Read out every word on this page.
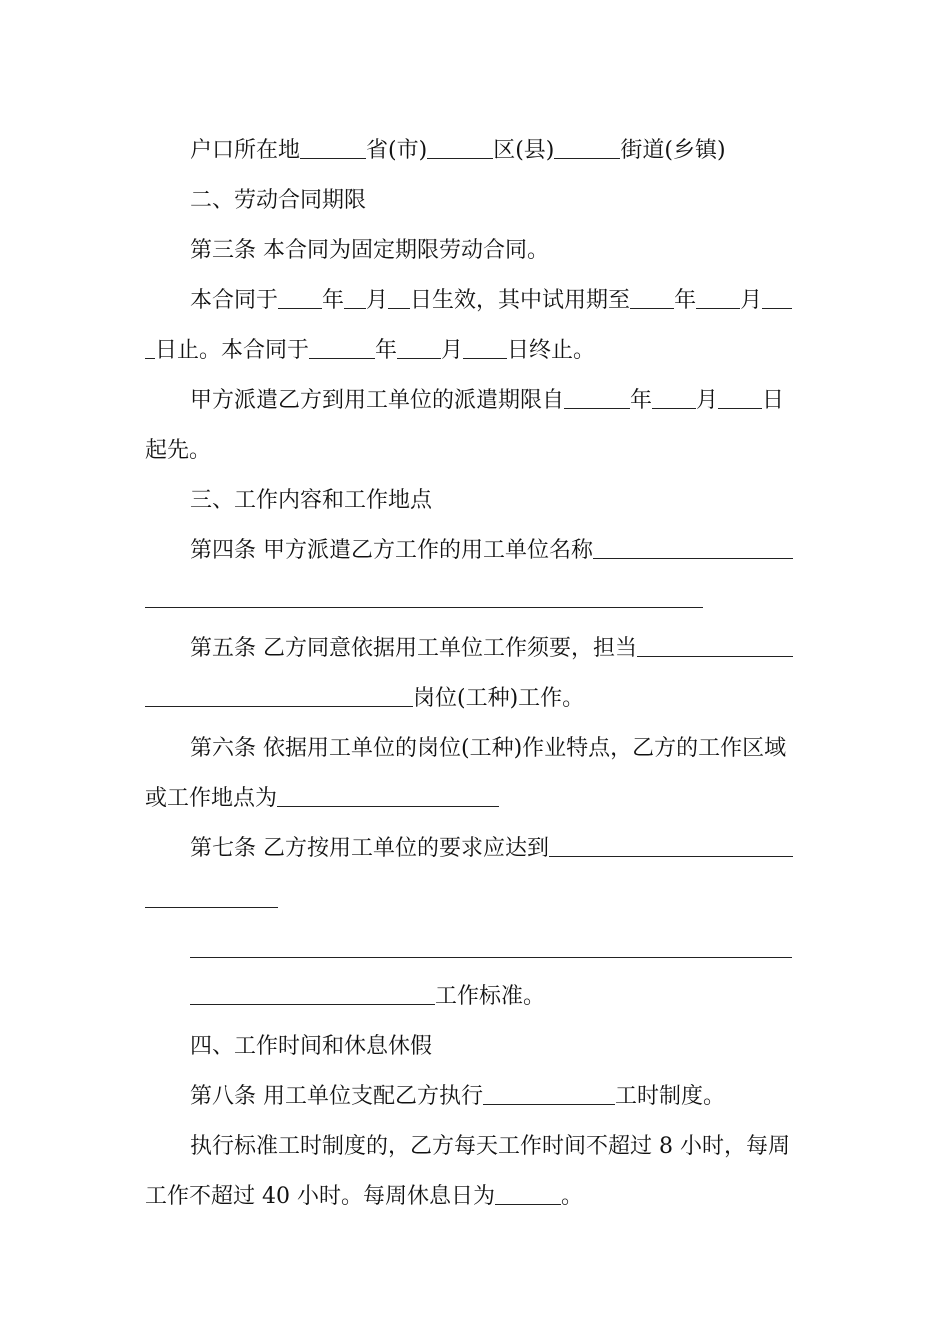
户口所在地	省(市)	区(县)	街道(乡镇)
二、劳动合同期限
第三条 本合同为固定期限劳动合同。
本合同于 年 月 日生效，其中试用期至 年 月
日止。本合同于	年 月 日终止。
甲方派遣乙方到用工单位的派遣期限自	年 月 日
起先。
三、工作内容和工作地点
第四条 甲方派遣乙方工作的用工单位名称
第五条 乙方同意依据用工单位工作须要，担当
岗位(工种)工作。
第六条 依据用工单位的岗位(工种)作业特点，乙方的工作区域
或工作地点为
第七条 乙方按用工单位的要求应达到
工作标准。
四、工作时间和休息休假
第八条 用工单位支配乙方执行	工时制度。
执行标准工时制度的，乙方每天工作时间不超过 8 小时，每周
工作不超过 40 小时。每周休息日为	。
